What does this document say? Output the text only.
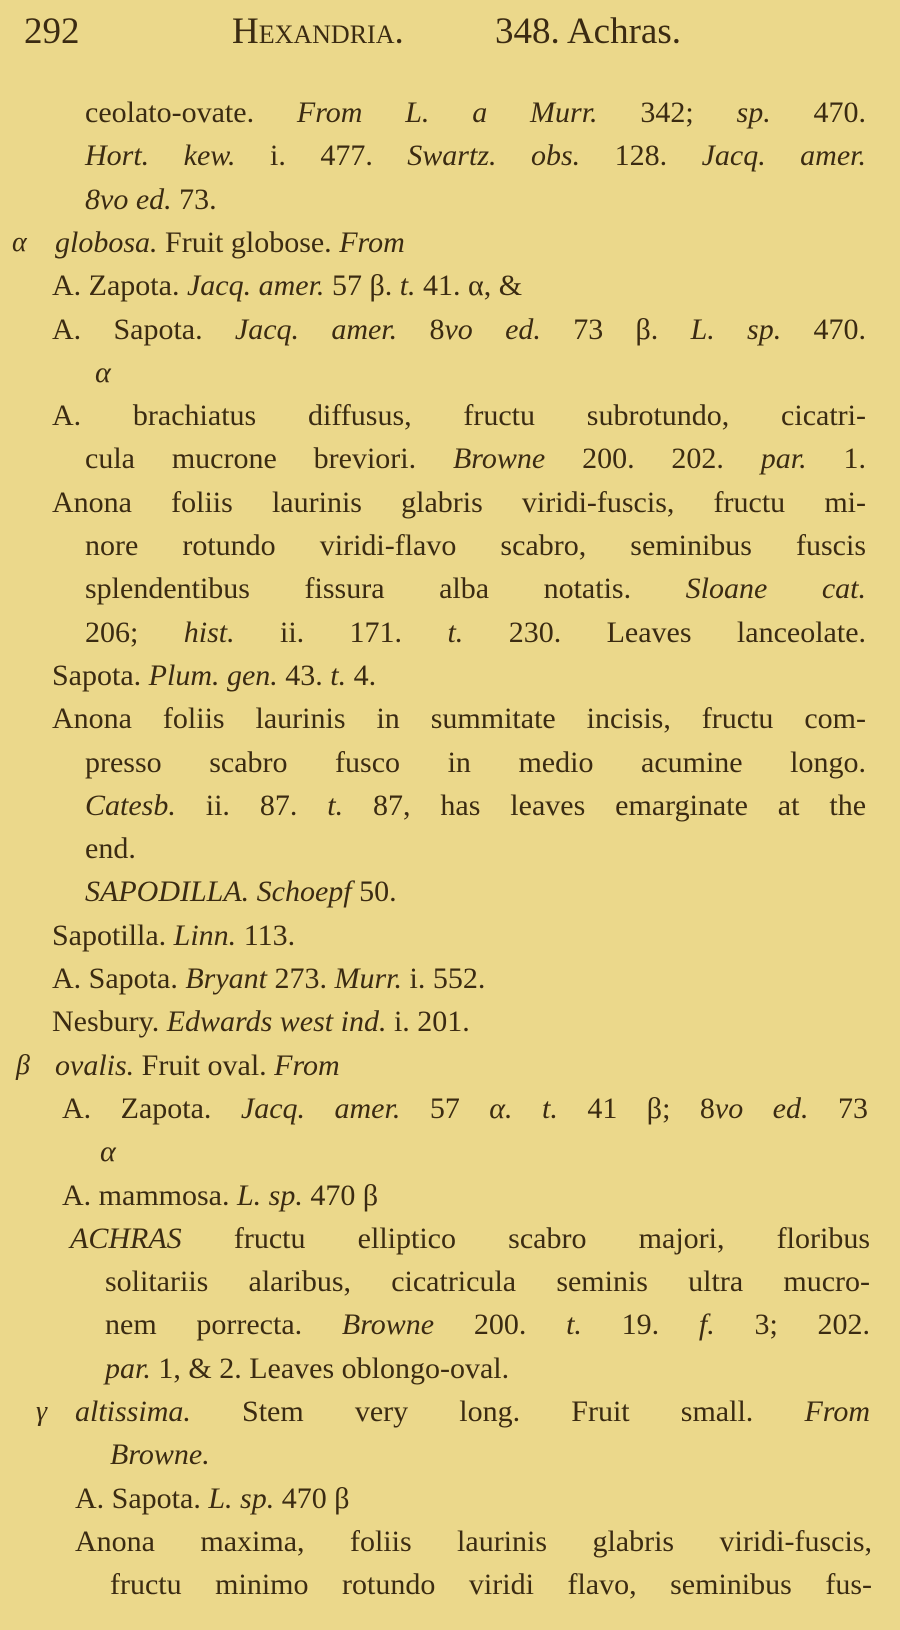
292	Hexandria. 348. Achras.
ceolato-ovate. From L. a Murr. 342; sp. 470.
Hort. kew. i. 477. Swartz. obs. 128. Jacq. amer.
8vo ed. 73.
globosa. Fruit globose. From
α
A. Zapota. Jacq. amer. 57 β. t. 41. α, &
A. Sapota. Jacq. amer. 8vo ed. 73 β. L. sp. 470.
α
A. brachiatus diffusus, fructu subrotundo, cicatri-
cula mucrone breviori. Browne 200. 202. par. 1.
Anona foliis laurinis glabris viridi-fuscis, fructu mi-
nore rotundo viridi-flavo scabro, seminibus fuscis
splendentibus fissura alba notatis. Sloane cat.
206; hist. ii. 171. t. 230. Leaves lanceolate.
Sapota. Plum. gen. 43. t. 4.
Anona foliis laurinis in summitate incisis, fructu com-
presso scabro fusco in medio acumine longo.
Catesb. ii. 87. t. 87, has leaves emarginate at the
end.
SAPODILLA. Schoepf 50.
Sapotilla. Linn. 113.
A. Sapota. Bryant 273. Murr. i. 552.
Nesbury. Edwards west ind. i. 201.
ovalis. Fruit oval. From
β
A. Zapota. Jacq. amer. 57 α. t. 41 β; 8vo ed. 73
α
A. mammosa. L. sp. 470 β
ACHRAS fructu elliptico scabro majori, floribus
solitariis alaribus, cicatricula seminis ultra mucro-
nem porrecta. Browne 200. t. 19. f. 3; 202.
par. 1, & 2. Leaves oblongo-oval.
altissima. Stem very long. Fruit small. From
γ
Browne.
A. Sapota. L. sp. 470 β
Anona maxima, foliis laurinis glabris viridi-fuscis,
fructu minimo rotundo viridi flavo, seminibus fus-
